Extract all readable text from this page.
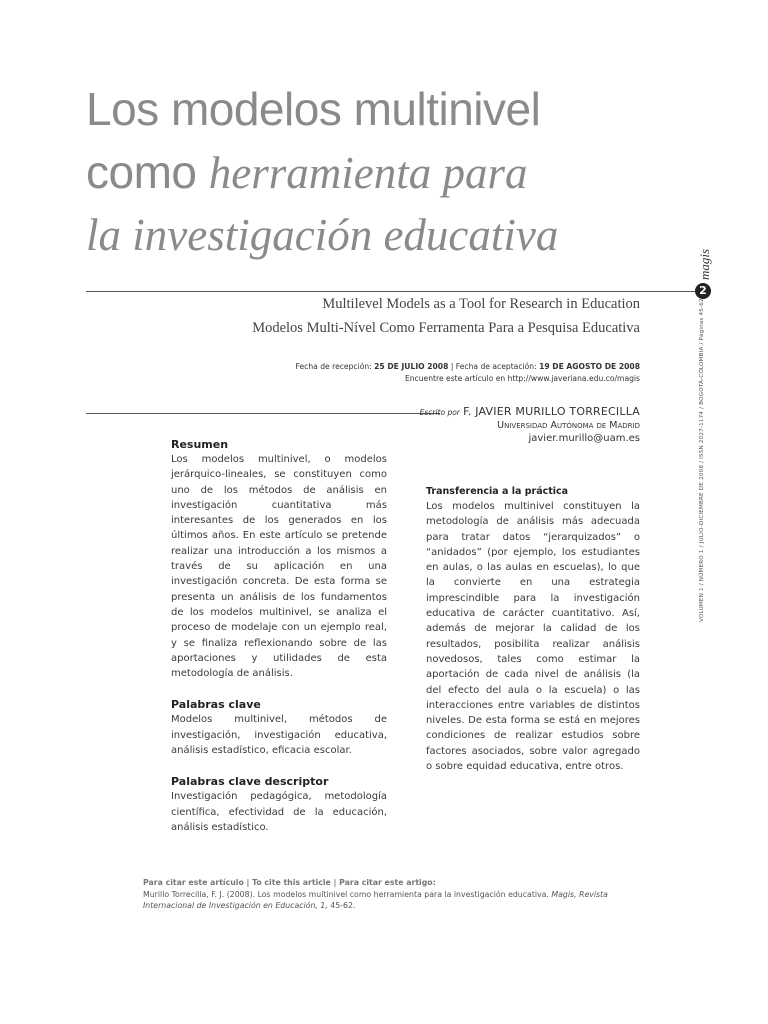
Los modelos multinivel
como herramienta para
la investigación educativa
Multilevel Models as a Tool for Research in Education
Modelos Multi-Nível Como Ferramenta Para a Pesquisa Educativa
Fecha de recepción: 25 DE JULIO 2008 | Fecha de aceptación: 19 DE AGOSTO DE 2008
Encuentre este artículo en http://www.javeriana.edu.co/magis
Escrito por F. JAVIER MURILLO TORRECILLA
Universidad Autónoma de Madrid
javier.murillo@uam.es
Resumen

Los modelos multinivel, o modelos jerárquico-lineales, se constituyen como uno de los métodos de análisis en investigación cuantitativa más interesantes de los generados en los últimos años. En este artículo se pretende realizar una introducción a los mismos a través de su aplicación en una investigación concreta. De esta forma se presenta un análisis de los fundamentos de los modelos multinivel, se analiza el proceso de modelaje con un ejemplo real, y se finaliza reflexionando sobre de las aportaciones y utilidades de esta metodología de análisis.

Palabras clave

Modelos multinivel, métodos de investigación, investigación educativa, análisis estadístico, eficacia escolar.

Palabras clave descriptor

Investigación pedagógica, metodología científica, efectividad de la educación, análisis estadístico.

Transferencia a la práctica

Los modelos multinivel constituyen la metodología de análisis más adecuada para tratar datos “jerarquizados” o “anidados” (por ejemplo, los estudiantes en aulas, o las aulas en escuelas), lo que la convierte en una estrategia imprescindible para la investigación educativa de carácter cuantitativo. Así, además de mejorar la calidad de los resultados, posibilita realizar análisis novedosos, tales como estimar la aportación de cada nivel de análisis (la del efecto del aula o la escuela) o las interacciones entre variables de distintos niveles. De esta forma se está en mejores condiciones de realizar estudios sobre factores asociados, sobre valor agregado o sobre equidad educativa, entre otros.

Para citar este artículo | To cite this article | Para citar este artigo:
Murillo Torrecilla, F. J. (2008). Los modelos multinivel como herramienta para la investigación educativa. Magis, Revista Internacional de Investigación en Educación, 1, 45-62.
magis
2
VOLUMEN 1 / NÚMERO 1 / JULIO-DICIEMBRE DE 2008 / ISSN 2027-1174 / BOGOTÁ-COLOMBIA / Páginas 45-62
